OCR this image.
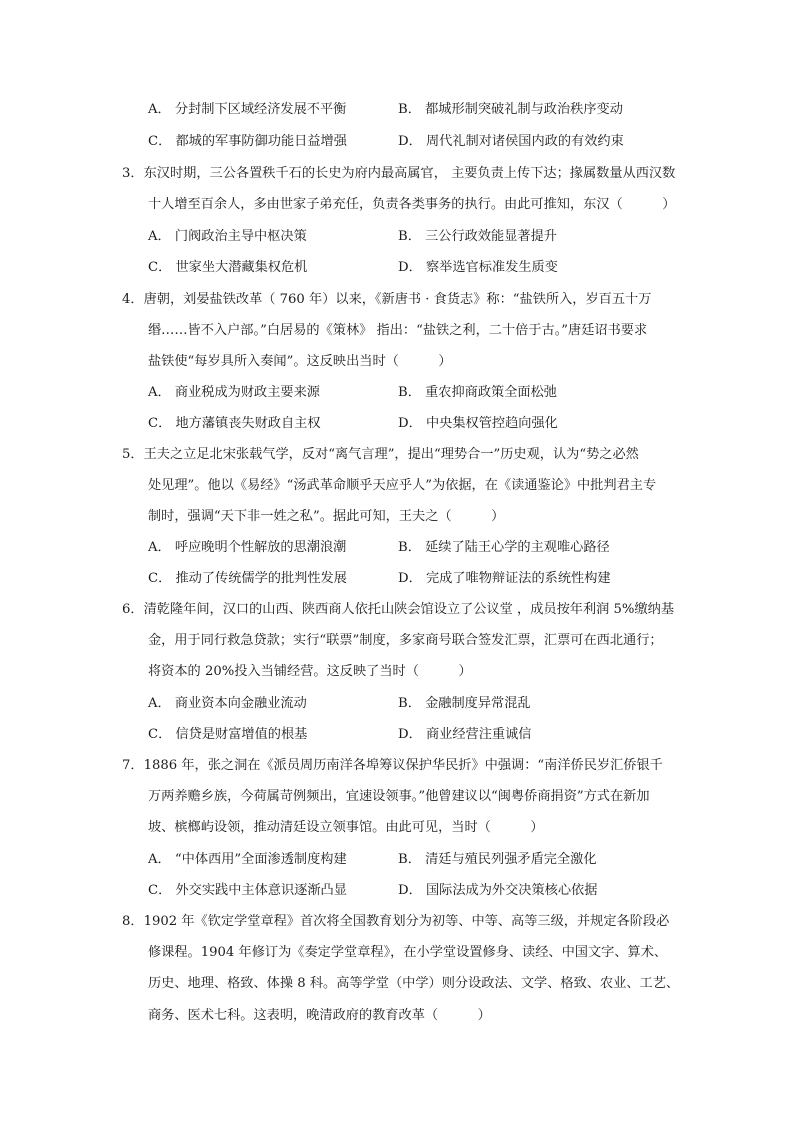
A． 分封制下区域经济发展不平衡	B． 都城形制突破礼制与政治秩序变动
C． 都城的军事防御功能日益增强	D． 周代礼制对诸侯国内政的有效约束
3．东汉时期，三公各置秩千石的长史为府内最高属官， 主要负责上传下达；掾属数量从西汉数
十人增至百余人，多由世家子弟充任，负责各类事务的执行。由此可推知，东汉（　　　）
A． 门阀政治主导中枢决策	B． 三公行政效能显著提升
C． 世家坐大潜藏集权危机	D． 察举选官标准发生质变
4．唐朝，刘晏盐铁改革（ 760 年）以来，《新唐书 · 食货志》称：“盐铁所入，岁百五十万
缗……皆不入户部。”白居易的《策林》 指出：“盐铁之利，二十倍于古。”唐廷诏书要求
盐铁使“每岁具所入奏闻”。这反映出当时（　　　）
A． 商业税成为财政主要来源	B． 重农抑商政策全面松弛
C． 地方藩镇丧失财政自主权	D． 中央集权管控趋向强化
5．王夫之立足北宋张载气学，反对“离气言理”，提出“理势合一”历史观，认为“势之必然
处见理”。他以《易经》“汤武革命顺乎天应乎人”为依据，在《读通鉴论》中批判君主专
制时，强调“天下非一姓之私”。据此可知，王夫之（　　　）
A． 呼应晚明个性解放的思潮浪潮	B． 延续了陆王心学的主观唯心路径
C． 推动了传统儒学的批判性发展	D． 完成了唯物辩证法的系统性构建
6．清乾隆年间，汉口的山西、陕西商人依托山陕会馆设立了公议堂 ，成员按年利润 5%缴纳基
金，用于同行救急贷款；实行“联票”制度，多家商号联合签发汇票，汇票可在西北通行；
将资本的 20%投入当铺经营。这反映了当时（　　　）
A． 商业资本向金融业流动	B． 金融制度异常混乱
C． 信贷是财富增值的根基	D． 商业经营注重诚信
7．1886 年，张之洞在《派员周历南洋各埠筹议保护华民折》中强调：“南洋侨民岁汇侨银千
万两养赡乡族，今荷属苛例频出，宜速设领事。”他曾建议以“闽粤侨商捐资”方式在新加
坡、槟榔屿设领，推动清廷设立领事馆。由此可见，当时（　　　）
A． “中体西用”全面渗透制度构建	B． 清廷与殖民列强矛盾完全激化
C． 外交实践中主体意识逐渐凸显	D． 国际法成为外交决策核心依据
8．1902 年《钦定学堂章程》首次将全国教育划分为初等、中等、高等三级，并规定各阶段必
修课程。1904 年修订为《奏定学堂章程》，在小学堂设置修身、读经、中国文字、算术、
历史、地理、格致、体操 8 科。高等学堂（中学）则分设政法、文学、格致、农业、工艺、
商务、医术七科。这表明，晚清政府的教育改革（　　　）
